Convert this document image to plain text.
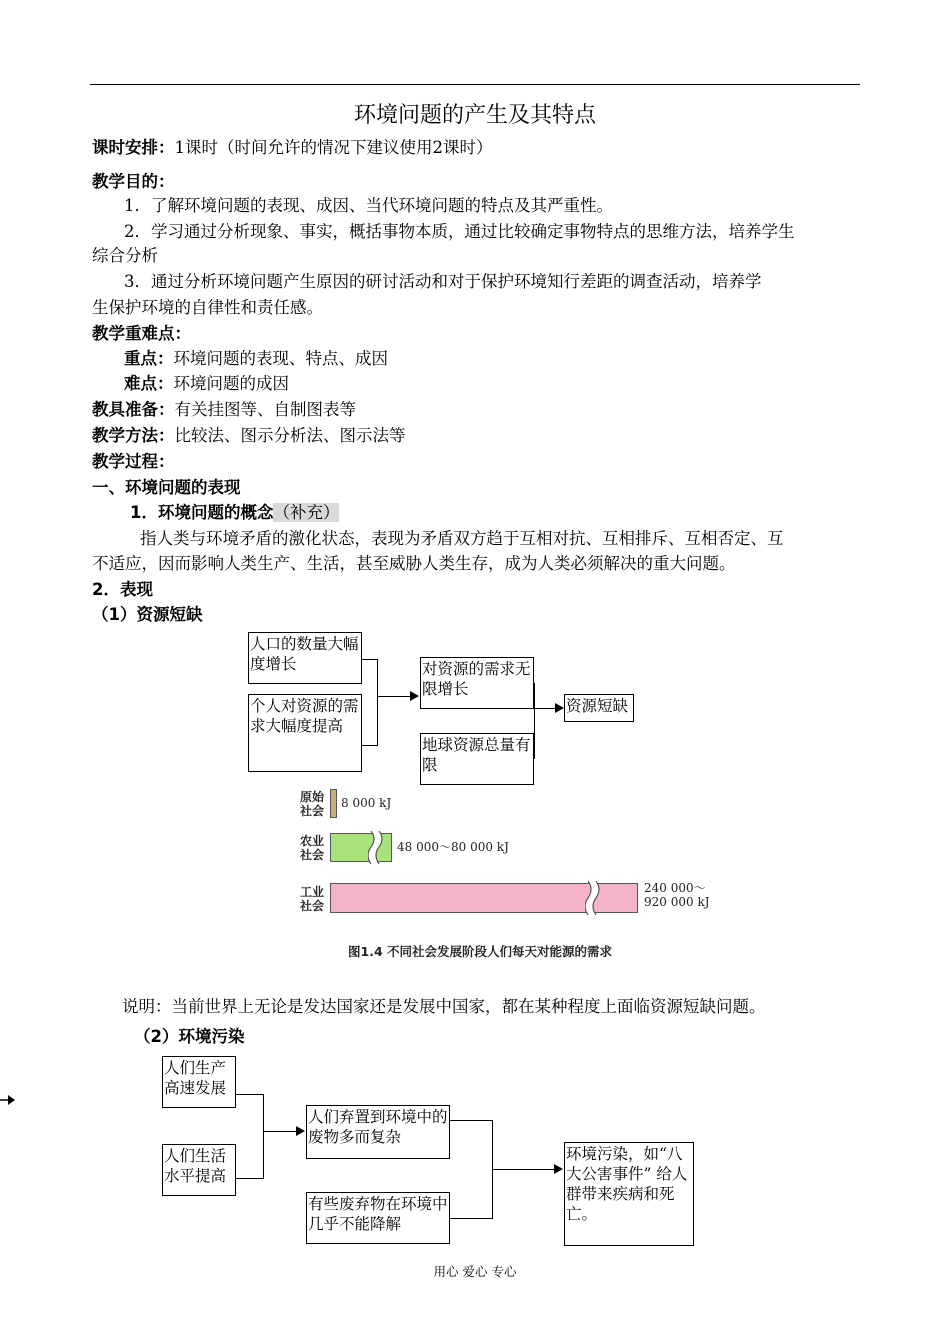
环境问题的产生及其特点
课时安排：1课时（时间允许的情况下建议使用2课时）
教学目的：
1．了解环境问题的表现、成因、当代环境问题的特点及其严重性。
2．学习通过分析现象、事实，概括事物本质，通过比较确定事物特点的思维方法，培养学生
综合分析
3．通过分析环境问题产生原因的研讨活动和对于保护环境知行差距的调查活动，培养学
生保护环境的自律性和责任感。
教学重难点：
重点：环境问题的表现、特点、成因
难点：环境问题的成因
教具准备：有关挂图等、自制图表等
教学方法：比较法、图示分析法、图示法等
教学过程：
一、环境问题的表现
1．环境问题的概念（补充）
指人类与环境矛盾的激化状态，表现为矛盾双方趋于互相对抗、互相排斥、互相否定、互
不适应，因而影响人类生产、生活，甚至威胁人类生存，成为人类必须解决的重大问题。
2．表现
（1）资源短缺
人口的数量大幅度增长
个人对资源的需求大幅度提高
对资源的需求无限增长
地球资源总量有限
资源短缺
原始
社会
8 000 kJ
农业
社会
48 000～80 000 kJ
工业
社会
240 000～
920 000 kJ
图1.4 不同社会发展阶段人们每天对能源的需求
说明：当前世界上无论是发达国家还是发展中国家，都在某种程度上面临资源短缺问题。
（2）环境污染
人们生产高速发展
人们生活水平提高
人们弃置到环境中的废物多而复杂
有些废弃物在环境中几乎不能降解
环境污染，如“八大公害事件” 给人群带来疾病和死亡。
用心 爱心 专心
